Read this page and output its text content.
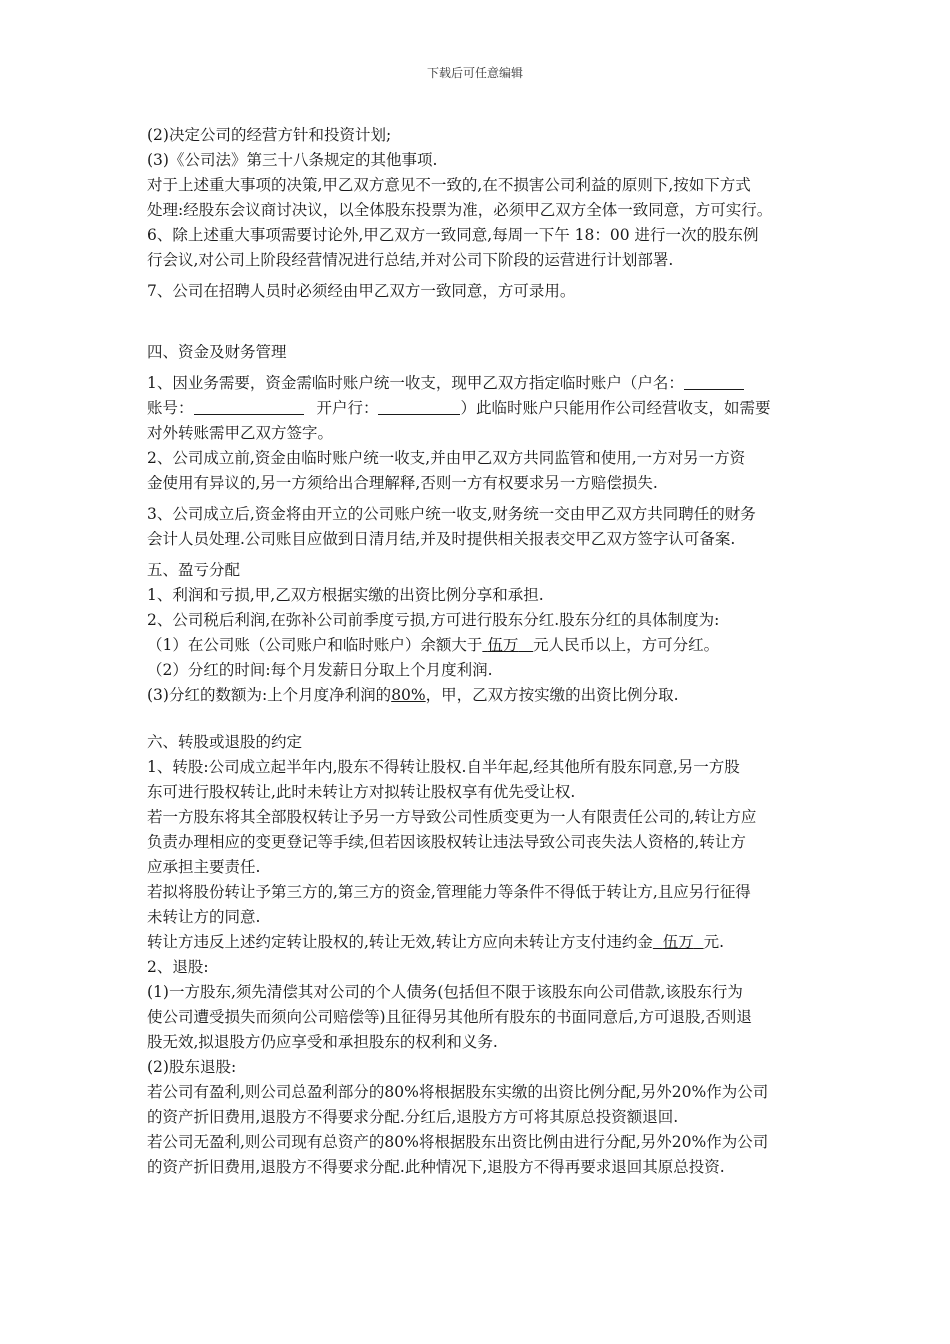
下载后可任意编辑
(2)决定公司的经营方针和投资计划;
(3)《公司法》第三十八条规定的其他事项.
对于上述重大事项的决策,甲乙双方意见不一致的,在不损害公司利益的原则下,按如下方式
处理:经股东会议商讨决议，以全体股东投票为准，必须甲乙双方全体一致同意，方可实行。
6、除上述重大事项需要讨论外,甲乙双方一致同意,每周一下午 18：00 进行一次的股东例
行会议,对公司上阶段经营情况进行总结,并对公司下阶段的运营进行计划部署.
7、公司在招聘人员时必须经由甲乙双方一致同意，方可录用。
四、资金及财务管理
1、因业务需要，资金需临时账户统一收支，现甲乙双方指定临时账户（户名：
账号：	开户行：	）此临时账户只能用作公司经营收支，如需要
对外转账需甲乙双方签字。
2、公司成立前,资金由临时账户统一收支,并由甲乙双方共同监管和使用,一方对另一方资
金使用有异议的,另一方须给出合理解释,否则一方有权要求另一方赔偿损失.
3、公司成立后,资金将由开立的公司账户统一收支,财务统一交由甲乙双方共同聘任的财务
会计人员处理.公司账目应做到日清月结,并及时提供相关报表交甲乙双方签字认可备案.
五、盈亏分配
1、利润和亏损,甲,乙双方根据实缴的出资比例分享和承担.
2、公司税后利润,在弥补公司前季度亏损,方可进行股东分红.股东分红的具体制度为:
（1）在公司账（公司账户和临时账户）余额大于 伍万 元人民币以上，方可分红。
（2）分红的时间:每个月发薪日分取上个月度利润.
(3)分红的数额为:上个月度净利润的80%，甲，乙双方按实缴的出资比例分取.
六、转股或退股的约定
1、转股:公司成立起半年内,股东不得转让股权.自半年起,经其他所有股东同意,另一方股
东可进行股权转让,此时未转让方对拟转让股权享有优先受让权.
若一方股东将其全部股权转让予另一方导致公司性质变更为一人有限责任公司的,转让方应
负责办理相应的变更登记等手续,但若因该股权转让违法导致公司丧失法人资格的,转让方
应承担主要责任.
若拟将股份转让予第三方的,第三方的资金,管理能力等条件不得低于转让方,且应另行征得
未转让方的同意.
转让方违反上述约定转让股权的,转让无效,转让方应向未转让方支付违约金 伍万 元.
2、退股:
(1)一方股东,须先清偿其对公司的个人债务(包括但不限于该股东向公司借款,该股东行为
使公司遭受损失而须向公司赔偿等)且征得另其他所有股东的书面同意后,方可退股,否则退
股无效,拟退股方仍应享受和承担股东的权利和义务.
(2)股东退股:
若公司有盈利,则公司总盈利部分的80%将根据股东实缴的出资比例分配,另外20%作为公司
的资产折旧费用,退股方不得要求分配.分红后,退股方方可将其原总投资额退回.
若公司无盈利,则公司现有总资产的80%将根据股东出资比例由进行分配,另外20%作为公司
的资产折旧费用,退股方不得要求分配.此种情况下,退股方不得再要求退回其原总投资.
